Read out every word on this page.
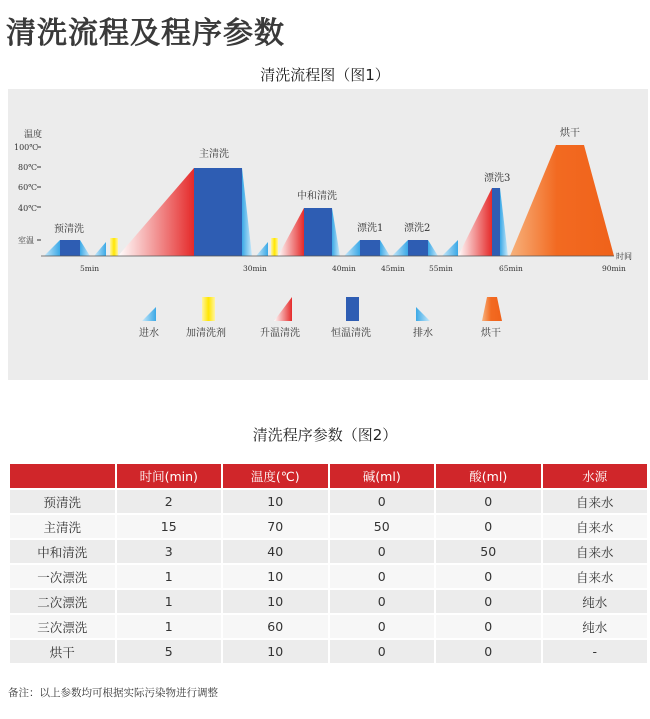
清洗流程及程序参数
清洗流程图（图1）
温度
100℃
80℃
60℃
40℃
室温
预清洗
主清洗
中和清洗
漂洗1 漂洗2
漂洗3
烘干
5min	30min	40min	45min	55min	65min	90min
时间
进水	加清洗剂	升温清洗	恒温清洗	排水	烘干
清洗程序参数（图2）
	时间(min)	温度(℃)	碱(ml)	酸(ml)	水源
预清洗	2	10	0	0	自来水
主清洗	15	70	50	0	自来水
中和清洗	3	40	0	50	自来水
一次漂洗	1	10	0	0	自来水
二次漂洗	1	10	0	0	纯水
三次漂洗	1	60	0	0	纯水
烘干	5	10	0	0	-
备注：以上参数均可根据实际污染物进行调整
